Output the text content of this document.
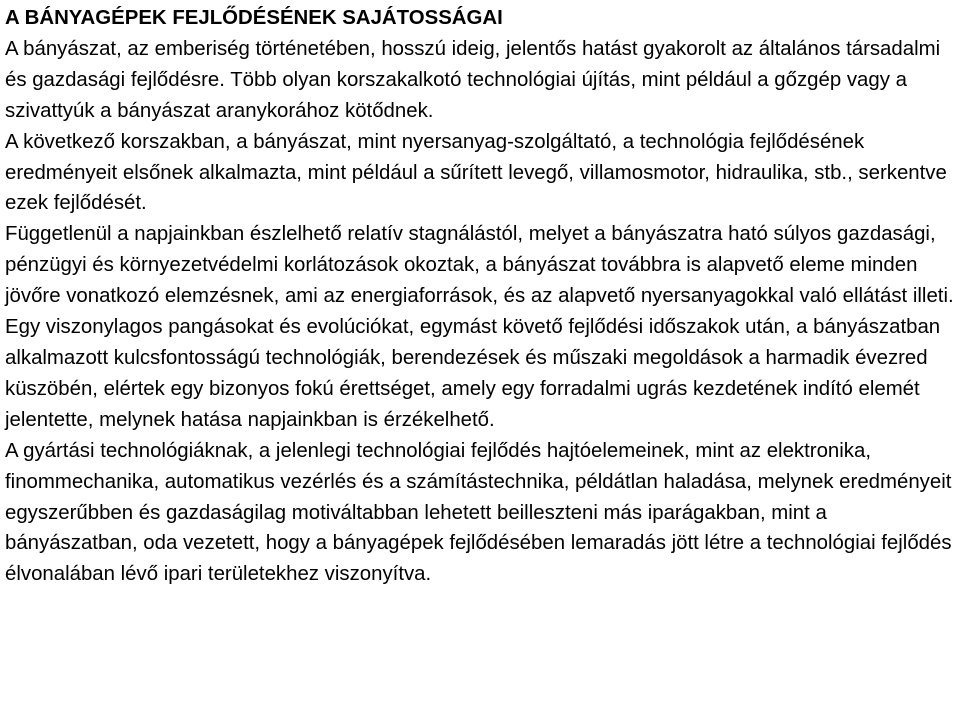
A BÁNYAGÉPEK FEJLŐDÉSÉNEK SAJÁTOSSÁGAI

A bányászat, az emberiség történetében, hosszú ideig, jelentős hatást gyakorolt az általános társadalmi és gazdasági fejlődésre. Több olyan korszakalkotó technológiai újítás, mint például a gőzgép vagy a szivattyúk a bányászat aranykorához kötődnek.

A következő korszakban, a bányászat, mint nyersanyag-szolgáltató, a technológia fejlődésének eredményeit elsőnek alkalmazta, mint például a sűrített levegő, villamosmotor, hidraulika, stb., serkentve ezek fejlődését.

Függetlenül a napjainkban észlelhető relatív stagnálástól, melyet a bányászatra ható súlyos gazdasági, pénzügyi és környezetvédelmi korlátozások okoztak, a bányászat továbbra is alapvető eleme minden jövőre vonatkozó elemzésnek, ami az energiaforrások, és az alapvető nyersanyagokkal való ellátást illeti.

Egy viszonylagos pangásokat és evolúciókat, egymást követő fejlődési időszakok után, a bányászatban alkalmazott kulcsfontosságú technológiák, berendezések és műszaki megoldások a harmadik évezred küszöbén, elértek egy bizonyos fokú érettséget, amely egy forradalmi ugrás kezdetének indító elemét jelentette, melynek hatása napjainkban is érzékelhető.

A gyártási technológiáknak, a jelenlegi technológiai fejlődés hajtóelemeinek, mint az elektronika, finommechanika, automatikus vezérlés és a számítástechnika, példátlan haladása, melynek eredményeit egyszerűbben és gazdaságilag motiváltabban lehetett beilleszteni más iparágakban, mint a bányászatban, oda vezetett, hogy a bányagépek fejlődésében lemaradás jött létre a technológiai fejlődés élvonalában lévő ipari területekhez viszonyítva.
